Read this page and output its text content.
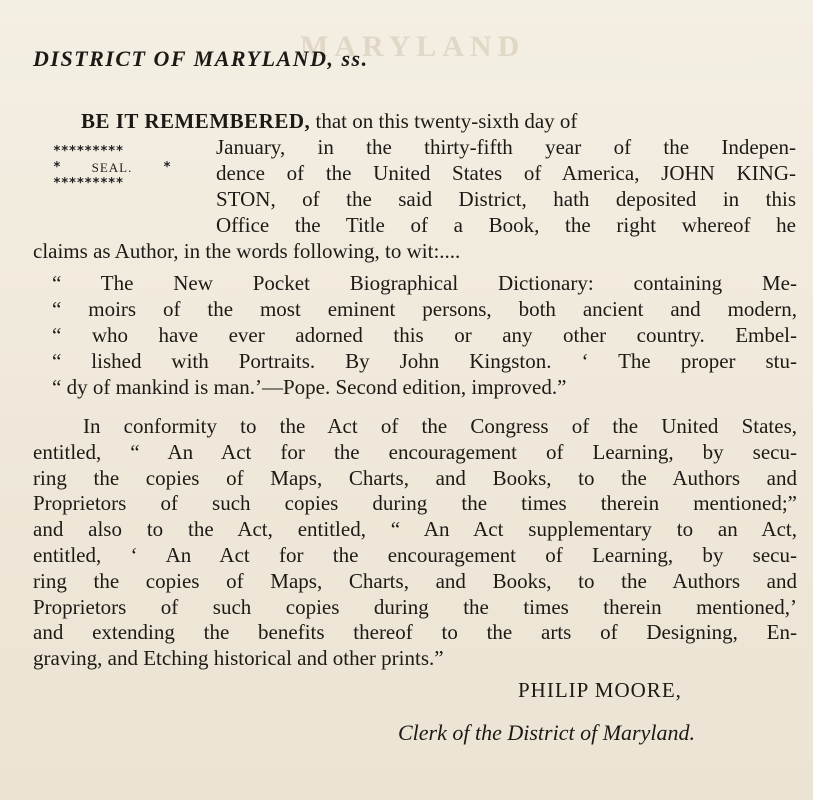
MARYLAND
DISTRICT OF MARYLAND, ss.
BE IT REMEMBERED, that on this twenty-sixth day of
*********
* SEAL. *
*********
January, in the thirty-fifth year of the Indepen-
dence of the United States of America, JOHN KING-
STON, of the said District, hath deposited in this
Office the Title of a Book, the right whereof he
claims as Author, in the words following, to wit:....
“ The New Pocket Biographical Dictionary: containing Me-
“ moirs of the most eminent persons, both ancient and modern,
“ who have ever adorned this or any other country. Embel-
“ lished with Portraits. By John Kingston. ‘ The proper stu-
“ dy of mankind is man.’—Pope. Second edition, improved.”
In conformity to the Act of the Congress of the United States,
entitled, “ An Act for the encouragement of Learning, by secu-
ring the copies of Maps, Charts, and Books, to the Authors and
Proprietors of such copies during the times therein mentioned;”
and also to the Act, entitled, “ An Act supplementary to an Act,
entitled, ‘ An Act for the encouragement of Learning, by secu-
ring the copies of Maps, Charts, and Books, to the Authors and
Proprietors of such copies during the times therein mentioned,’
and extending the benefits thereof to the arts of Designing, En-
graving, and Etching historical and other prints.”
PHILIP MOORE,
Clerk of the District of Maryland.
